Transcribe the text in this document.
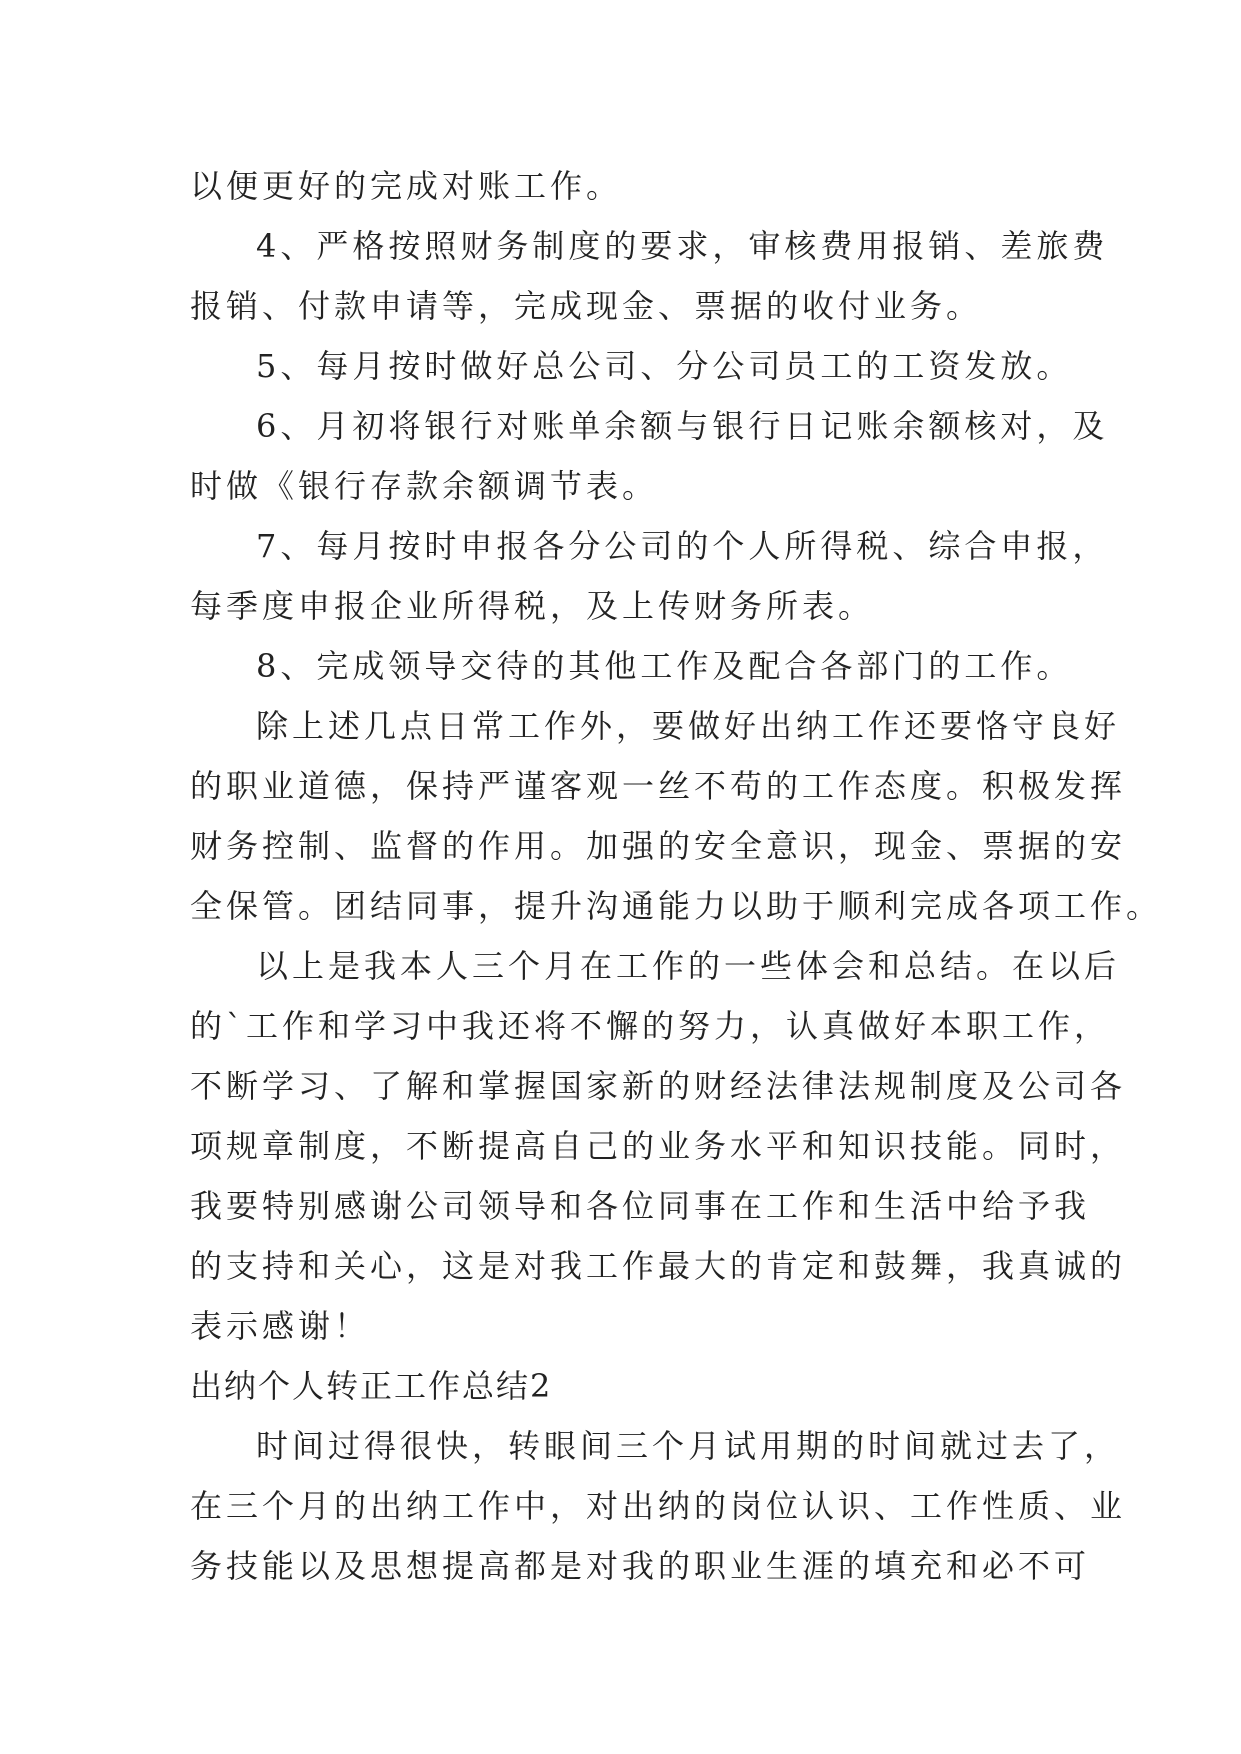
以便更好的完成对账工作。
4、严格按照财务制度的要求，审核费用报销、差旅费
报销、付款申请等，完成现金、票据的收付业务。
5、每月按时做好总公司、分公司员工的工资发放。
6、月初将银行对账单余额与银行日记账余额核对，及
时做《银行存款余额调节表。
7、每月按时申报各分公司的个人所得税、综合申报，
每季度申报企业所得税，及上传财务所表。
8、完成领导交待的其他工作及配合各部门的工作。
除上述几点日常工作外，要做好出纳工作还要恪守良好
的职业道德，保持严谨客观一丝不苟的工作态度。积极发挥
财务控制、监督的作用。加强的安全意识，现金、票据的安
全保管。团结同事，提升沟通能力以助于顺利完成各项工作。
以上是我本人三个月在工作的一些体会和总结。在以后
的`工作和学习中我还将不懈的努力，认真做好本职工作，
不断学习、了解和掌握国家新的财经法律法规制度及公司各
项规章制度，不断提高自己的业务水平和知识技能。同时，
我要特别感谢公司领导和各位同事在工作和生活中给予我
的支持和关心，这是对我工作最大的肯定和鼓舞，我真诚的
表示感谢！
出纳个人转正工作总结2
时间过得很快，转眼间三个月试用期的时间就过去了，
在三个月的出纳工作中，对出纳的岗位认识、工作性质、业
务技能以及思想提高都是对我的职业生涯的填充和必不可
